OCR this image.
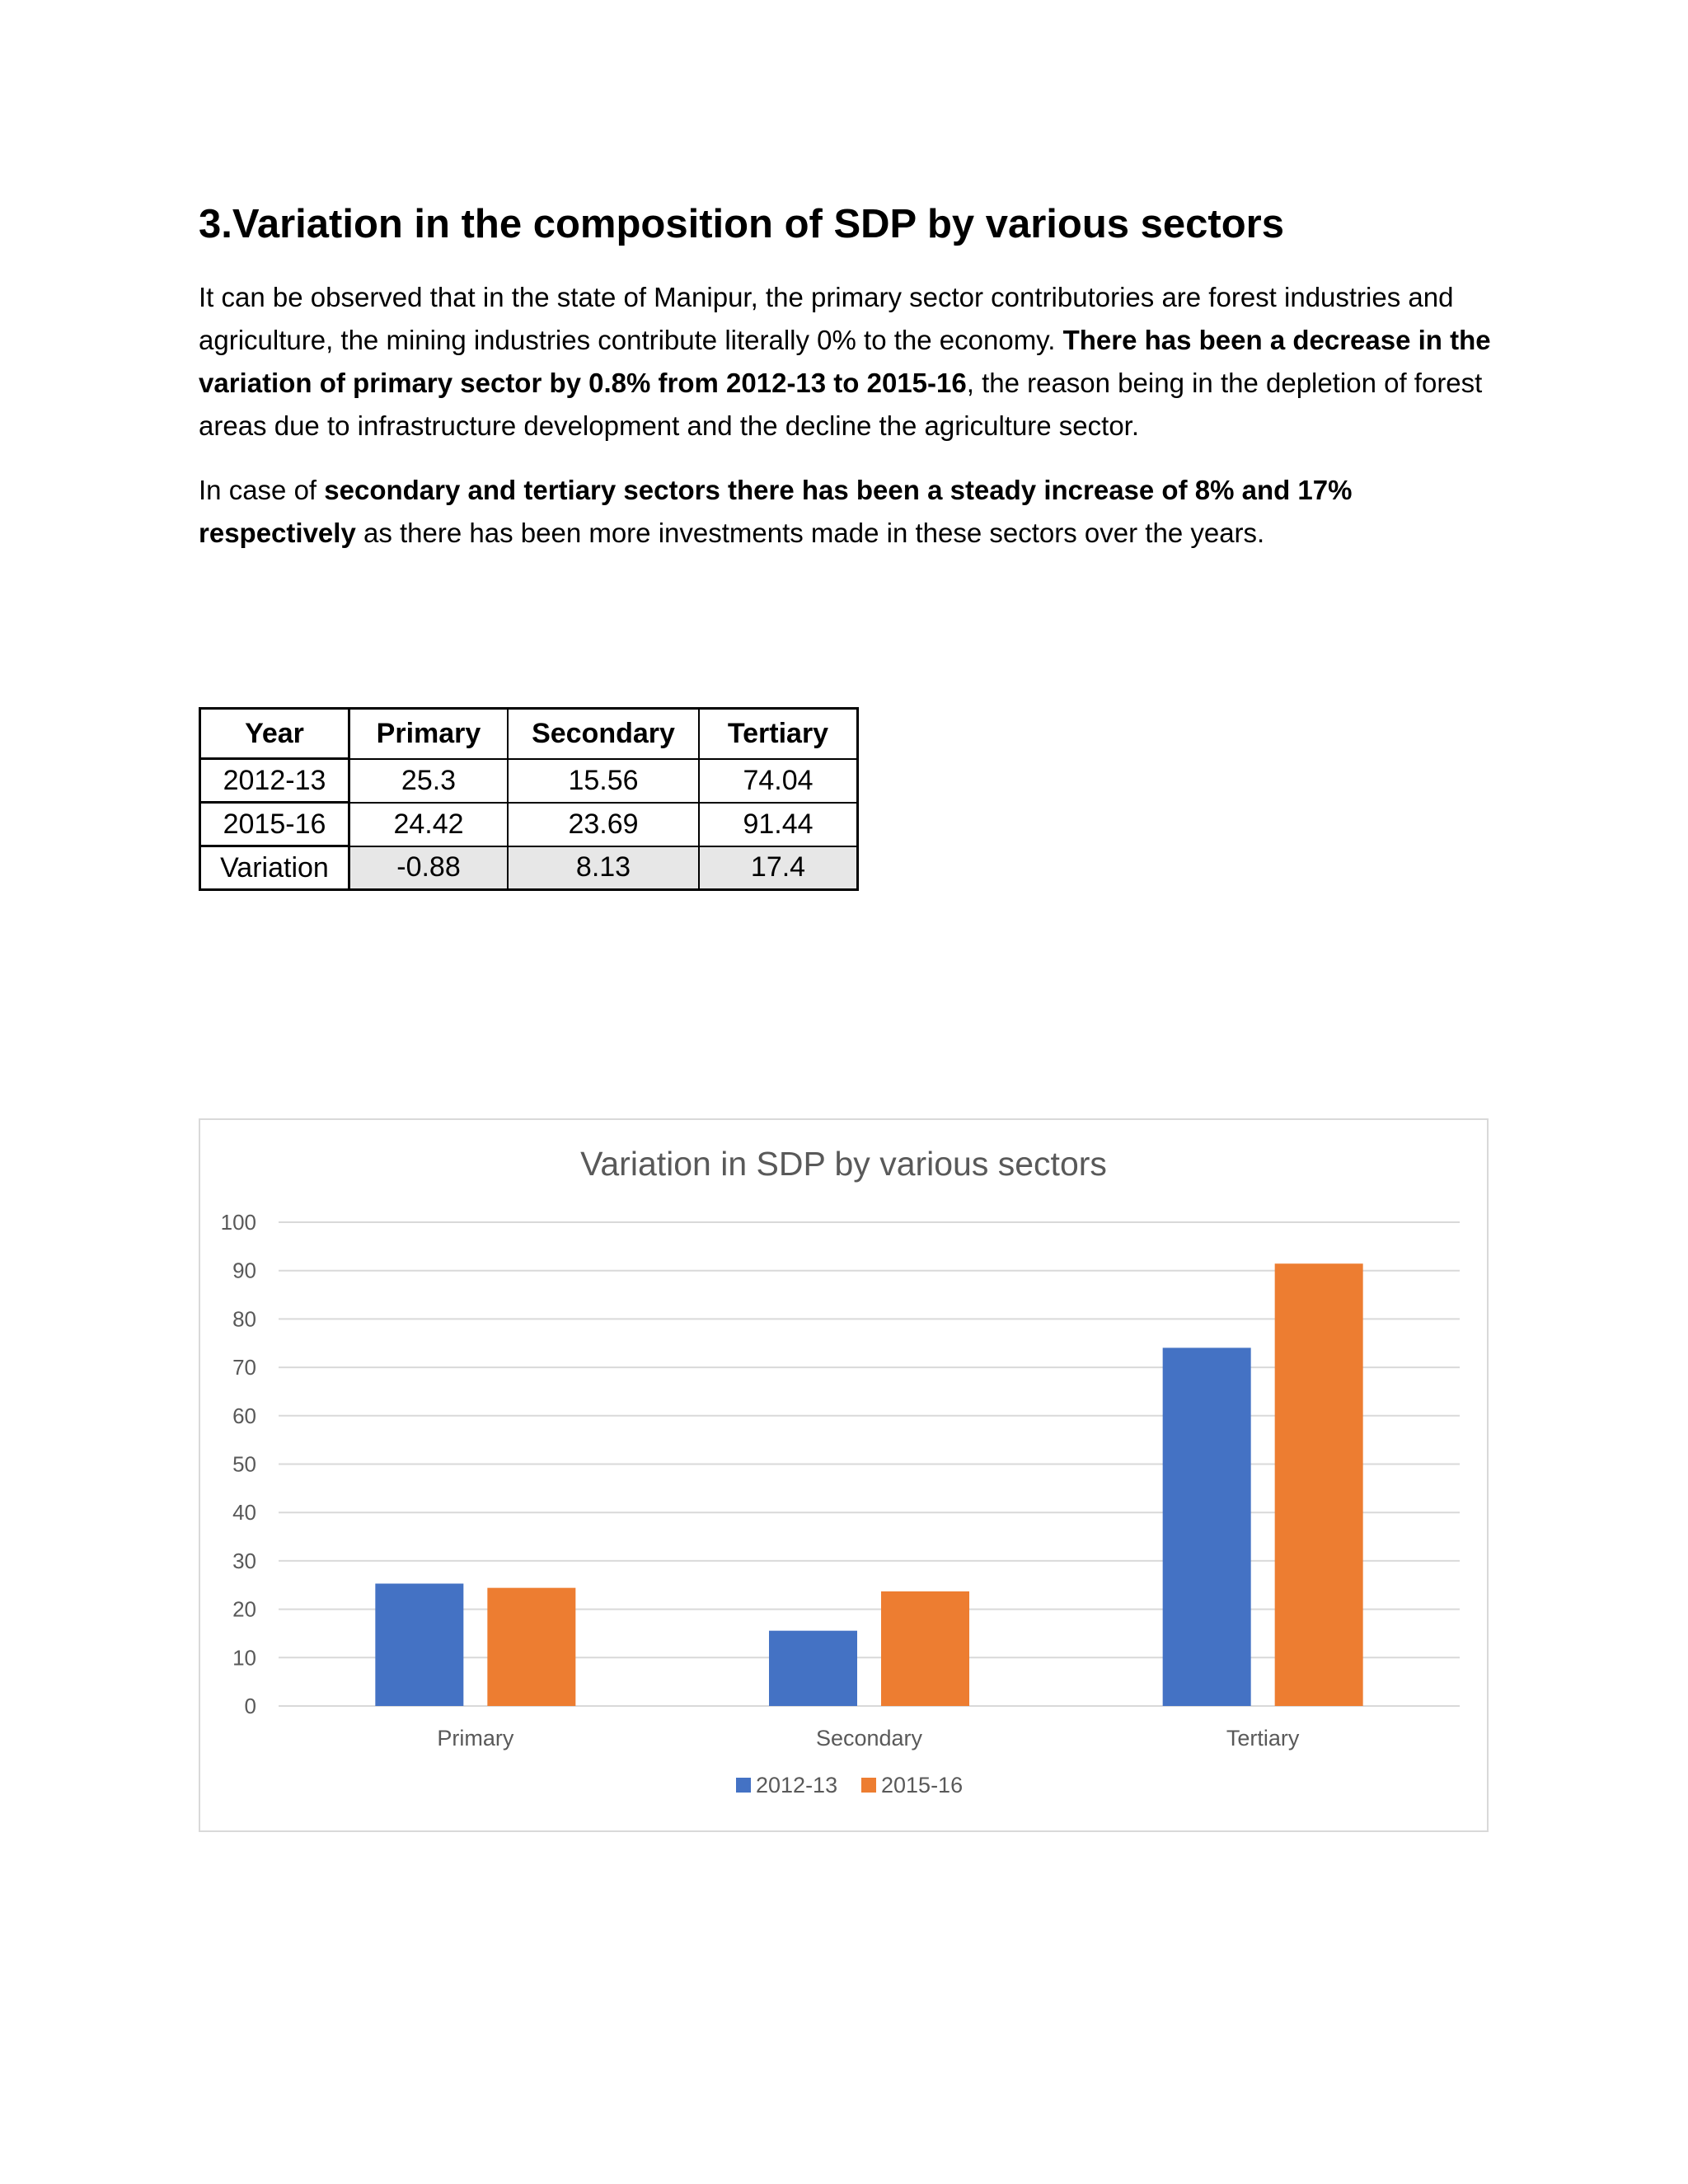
3.Variation in the composition of SDP by various sectors

It can be observed that in the state of Manipur, the primary sector contributories are forest industries and agriculture, the mining industries contribute literally 0% to the economy. There has been a decrease in the variation of primary sector by 0.8% from 2012-13 to 2015-16, the reason being in the depletion of forest areas due to infrastructure development and the decline the agriculture sector.

In case of secondary and tertiary sectors there has been a steady increase of 8% and 17% respectively as there has been more investments made in these sectors over the years.

Year	Primary	Secondary	Tertiary
2012-13	25.3	15.56	74.04
2015-16	24.42	23.69	91.44
Variation	-0.88	8.13	17.4
Variation in SDP by various sectors
0
10
20
30
40
50
60
70
80
90
100
Primary	Secondary	Tertiary
2012-13 2015-16
